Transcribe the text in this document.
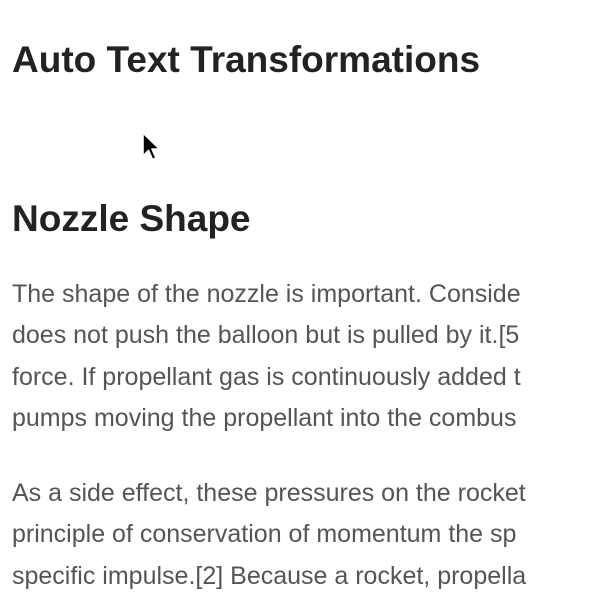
Auto Text Transformations
Nozzle Shape

The shape of the nozzle is important. Conside

does not push the balloon but is pulled by it.[5

force. If propellant gas is continuously added t

pumps moving the propellant into the combus

As a side effect, these pressures on the rocket

principle of conservation of momentum the sp

specific impulse.[2] Because a rocket, propella
